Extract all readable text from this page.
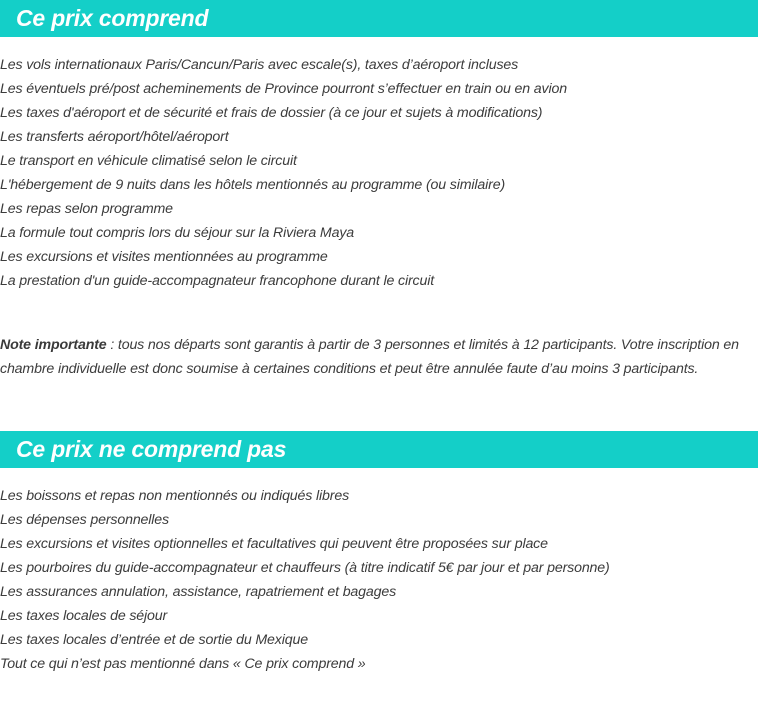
Ce prix comprend
Les vols internationaux Paris/Cancun/Paris avec escale(s), taxes d’aéroport incluses
Les éventuels pré/post acheminements de Province pourront s’effectuer en train ou en avion
Les taxes d'aéroport et de sécurité et frais de dossier (à ce jour et sujets à modifications)
Les transferts aéroport/hôtel/aéroport
Le transport en véhicule climatisé selon le circuit
L'hébergement de 9 nuits dans les hôtels mentionnés au programme (ou similaire)
Les repas selon programme
La formule tout compris lors du séjour sur la Riviera Maya
Les excursions et visites mentionnées au programme
La prestation d'un guide-accompagnateur francophone durant le circuit

Note importante : tous nos départs sont garantis à partir de 3 personnes et limités à 12 participants. Votre inscription en chambre individuelle est donc soumise à certaines conditions et peut être annulée faute d’au moins 3 participants.

Ce prix ne comprend pas
Les boissons et repas non mentionnés ou indiqués libres
Les dépenses personnelles
Les excursions et visites optionnelles et facultatives qui peuvent être proposées sur place
Les pourboires du guide-accompagnateur et chauffeurs (à titre indicatif 5€ par jour et par personne)
Les assurances annulation, assistance, rapatriement et bagages
Les taxes locales de séjour
Les taxes locales d’entrée et de sortie du Mexique
Tout ce qui n’est pas mentionné dans « Ce prix comprend »
